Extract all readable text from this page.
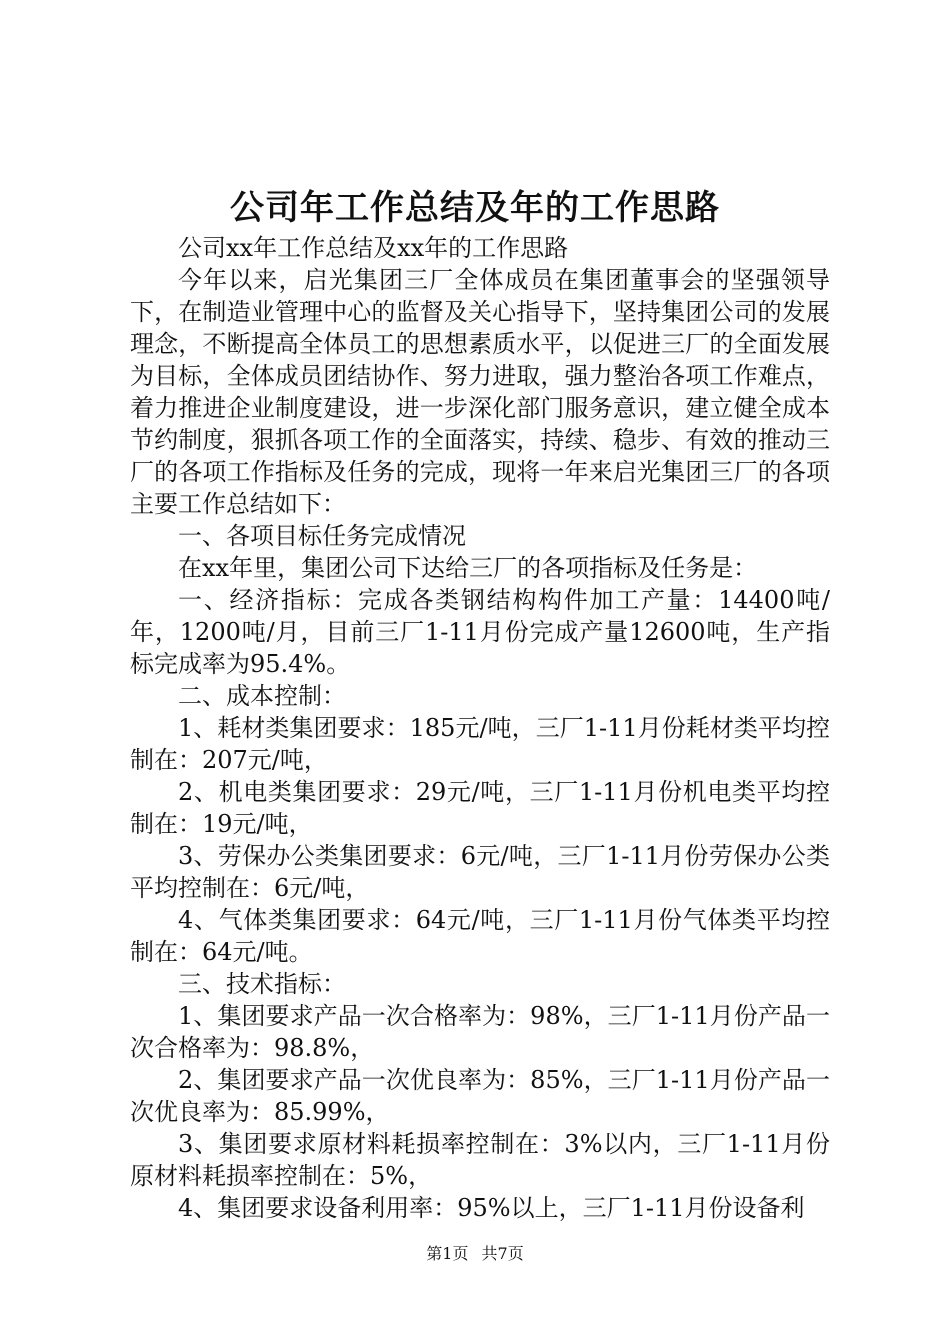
公司年工作总结及年的工作思路

公司xx年工作总结及xx年的工作思路

今年以来，启光集团三厂全体成员在集团董事会的坚强领导下，在制造业管理中心的监督及关心指导下，坚持集团公司的发展理念，不断提高全体员工的思想素质水平，以促进三厂的全面发展为目标，全体成员团结协作、努力进取，强力整治各项工作难点，着力推进企业制度建设，进一步深化部门服务意识，建立健全成本节约制度，狠抓各项工作的全面落实，持续、稳步、有效的推动三厂的各项工作指标及任务的完成，现将一年来启光集团三厂的各项主要工作总结如下：

一、各项目标任务完成情况

在xx年里，集团公司下达给三厂的各项指标及任务是：

一、经济指标：完成各类钢结构构件加工产量：14400吨/年，1200吨/月，目前三厂1-11月份完成产量12600吨，生产指标完成率为95.4%。

二、成本控制：

1、耗材类集团要求：185元/吨，三厂1-11月份耗材类平均控制在：207元/吨，

2、机电类集团要求：29元/吨，三厂1-11月份机电类平均控制在：19元/吨，

3、劳保办公类集团要求：6元/吨，三厂1-11月份劳保办公类平均控制在：6元/吨，

4、气体类集团要求：64元/吨，三厂1-11月份气体类平均控制在：64元/吨。

三、技术指标：

1、集团要求产品一次合格率为：98%，三厂1-11月份产品一次合格率为：98.8%，

2、集团要求产品一次优良率为：85%，三厂1-11月份产品一次优良率为：85.99%，

3、集团要求原材料耗损率控制在：3%以内，三厂1-11月份原材料耗损率控制在：5%，

4、集团要求设备利用率：95%以上，三厂1-11月份设备利

第1页 共7页
